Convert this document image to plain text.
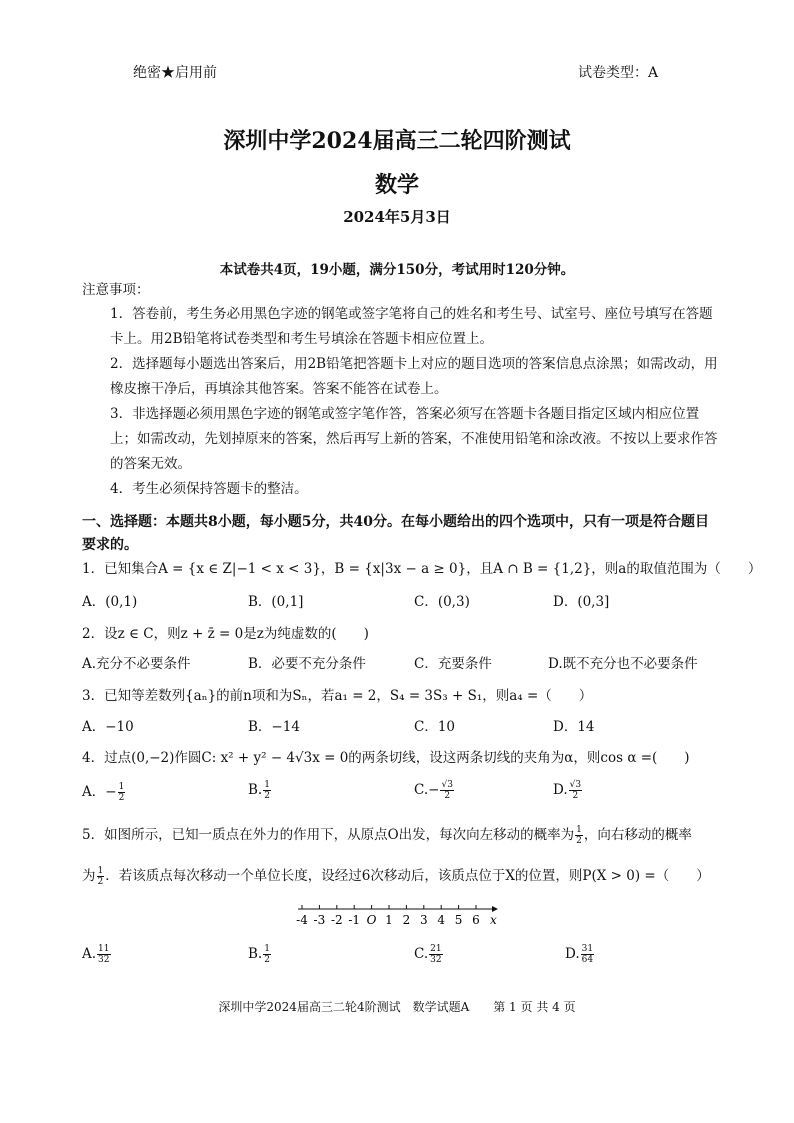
绝密★启用前	试卷类型：A
深圳中学2024届高三二轮四阶测试
数学
2024年5月3日
本试卷共4页，19小题，满分150分，考试用时120分钟。
注意事项：
1．答卷前，考生务必用黑色字迹的钢笔或签字笔将自己的姓名和考生号、试室号、座位号填写在答题卡上。用2B铅笔将试卷类型和考生号填涂在答题卡相应位置上。
2．选择题每小题选出答案后，用2B铅笔把答题卡上对应的题目选项的答案信息点涂黑；如需改动，用橡皮擦干净后，再填涂其他答案。答案不能答在试卷上。
3．非选择题必须用黑色字迹的钢笔或签字笔作答，答案必须写在答题卡各题目指定区域内相应位置上；如需改动，先划掉原来的答案，然后再写上新的答案，不准使用铅笔和涂改液。不按以上要求作答的答案无效。
4．考生必须保持答题卡的整洁。
一、选择题：本题共8小题，每小题5分，共40分。在每小题给出的四个选项中，只有一项是符合题目要求的。
1．已知集合A = {x ∈ Z|−1 < x < 3}，B = {x|3x − a ≥ 0}，且A ∩ B = {1,2}，则a的取值范围为（　　）
A．(0,1)	B．(0,1]	C．(0,3)	D．(0,3]
2．设z ∈ C，则z + z̄ = 0是z为纯虚数的(　　)
A.充分不必要条件	B．必要不充分条件	C．充要条件	D.既不充分也不必要条件
3．已知等差数列{aₙ}的前n项和为Sₙ，若a₁ = 2，S₄ = 3S₃ + S₁，则a₄ =（　　）
A．−10	B．−14	C．10	D．14
4．过点(0,−2)作圆C: x² + y² − 4√3x = 0的两条切线，设这两条切线的夹角为α，则cos α =(　　)
A．− $\frac{1}{2}$	B. $\frac{1}{2}$	$C.- \frac{√3}{2}$	D. $\frac{√3}{2}$
5．如图所示，已知一质点在外力的作用下，从原点O出发，每次向左移动的概率为 $\frac{1}{2}$ ，向右移动的概率
为 $\frac{1}{2}$ ．若该质点每次移动一个单位长度，设经过6次移动后，该质点位于X的位置，则P(X > 0) =（　　）
-4 -3 -2 -1 O 1 2 3 4 5 6 x
A. $\frac{11}{32}$	B. $\frac{1}{2}$	C. $\frac{21}{32}$	D. $\frac{31}{64}$
深圳中学2024届高三二轮4阶测试　数学试题A　　第 1 页 共 4 页
